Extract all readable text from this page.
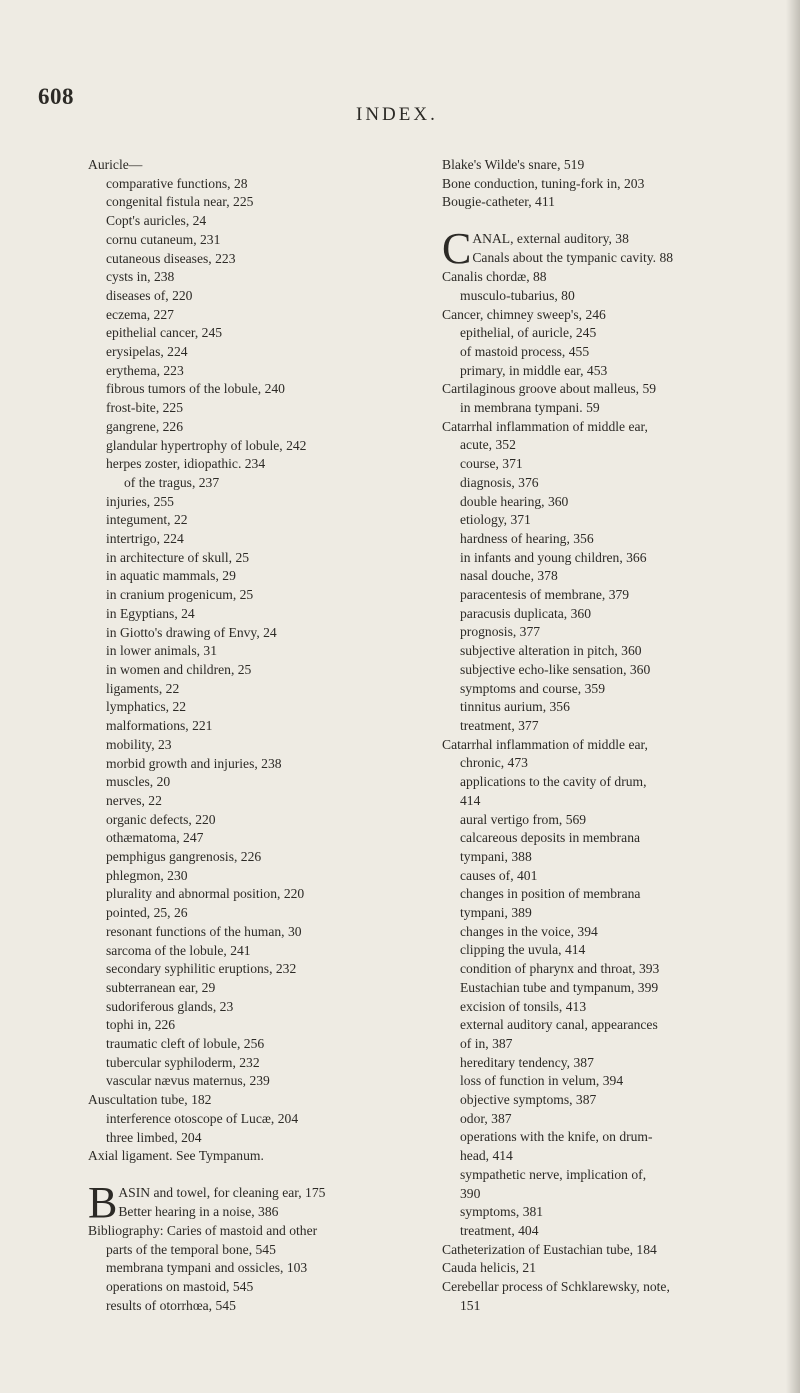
608
INDEX.
Auricle—
comparative functions, 28
congenital fistula near, 225
Copt's auricles, 24
cornu cutaneum, 231
cutaneous diseases, 223
cysts in, 238
diseases of, 220
eczema, 227
epithelial cancer, 245
erysipelas, 224
erythema, 223
fibrous tumors of the lobule, 240
frost-bite, 225
gangrene, 226
glandular hypertrophy of lobule, 242
herpes zoster, idiopathic. 234
of the tragus, 237
injuries, 255
integument, 22
intertrigo, 224
in architecture of skull, 25
in aquatic mammals, 29
in cranium progenicum, 25
in Egyptians, 24
in Giotto's drawing of Envy, 24
in lower animals, 31
in women and children, 25
ligaments, 22
lymphatics, 22
malformations, 221
mobility, 23
morbid growth and injuries, 238
muscles, 20
nerves, 22
organic defects, 220
othæmatoma, 247
pemphigus gangrenosis, 226
phlegmon, 230
plurality and abnormal position, 220
pointed, 25, 26
resonant functions of the human, 30
sarcoma of the lobule, 241
secondary syphilitic eruptions, 232
subterranean ear, 29
sudoriferous glands, 23
tophi in, 226
traumatic cleft of lobule, 256
tubercular syphiloderm, 232
vascular nævus maternus, 239
Auscultation tube, 182
interference otoscope of Lucæ, 204
three limbed, 204
Axial ligament. See Tympanum.
B ASIN and towel, for cleaning ear, 175
Better hearing in a noise, 386
Bibliography: Caries of mastoid and other
parts of the temporal bone, 545
membrana tympani and ossicles, 103
operations on mastoid, 545
results of otorrhœa, 545
Blake's Wilde's snare, 519
Bone conduction, tuning-fork in, 203
Bougie-catheter, 411
C ANAL, external auditory, 38
Canals about the tympanic cavity. 88
Canalis chordæ, 88
musculo-tubarius, 80
Cancer, chimney sweep's, 246
epithelial, of auricle, 245
of mastoid process, 455
primary, in middle ear, 453
Cartilaginous groove about malleus, 59
in membrana tympani. 59
Catarrhal inflammation of middle ear,
acute, 352
course, 371
diagnosis, 376
double hearing, 360
etiology, 371
hardness of hearing, 356
in infants and young children, 366
nasal douche, 378
paracentesis of membrane, 379
paracusis duplicata, 360
prognosis, 377
subjective alteration in pitch, 360
subjective echo-like sensation, 360
symptoms and course, 359
tinnitus aurium, 356
treatment, 377
Catarrhal inflammation of middle ear,
chronic, 473
applications to the cavity of drum,
414
aural vertigo from, 569
calcareous deposits in membrana
tympani, 388
causes of, 401
changes in position of membrana
tympani, 389
changes in the voice, 394
clipping the uvula, 414
condition of pharynx and throat, 393
Eustachian tube and tympanum, 399
excision of tonsils, 413
external auditory canal, appearances
of in, 387
hereditary tendency, 387
loss of function in velum, 394
objective symptoms, 387
odor, 387
operations with the knife, on drum-
head, 414
sympathetic nerve, implication of,
390
symptoms, 381
treatment, 404
Catheterization of Eustachian tube, 184
Cauda helicis, 21
Cerebellar process of Schklarewsky, note,
151
